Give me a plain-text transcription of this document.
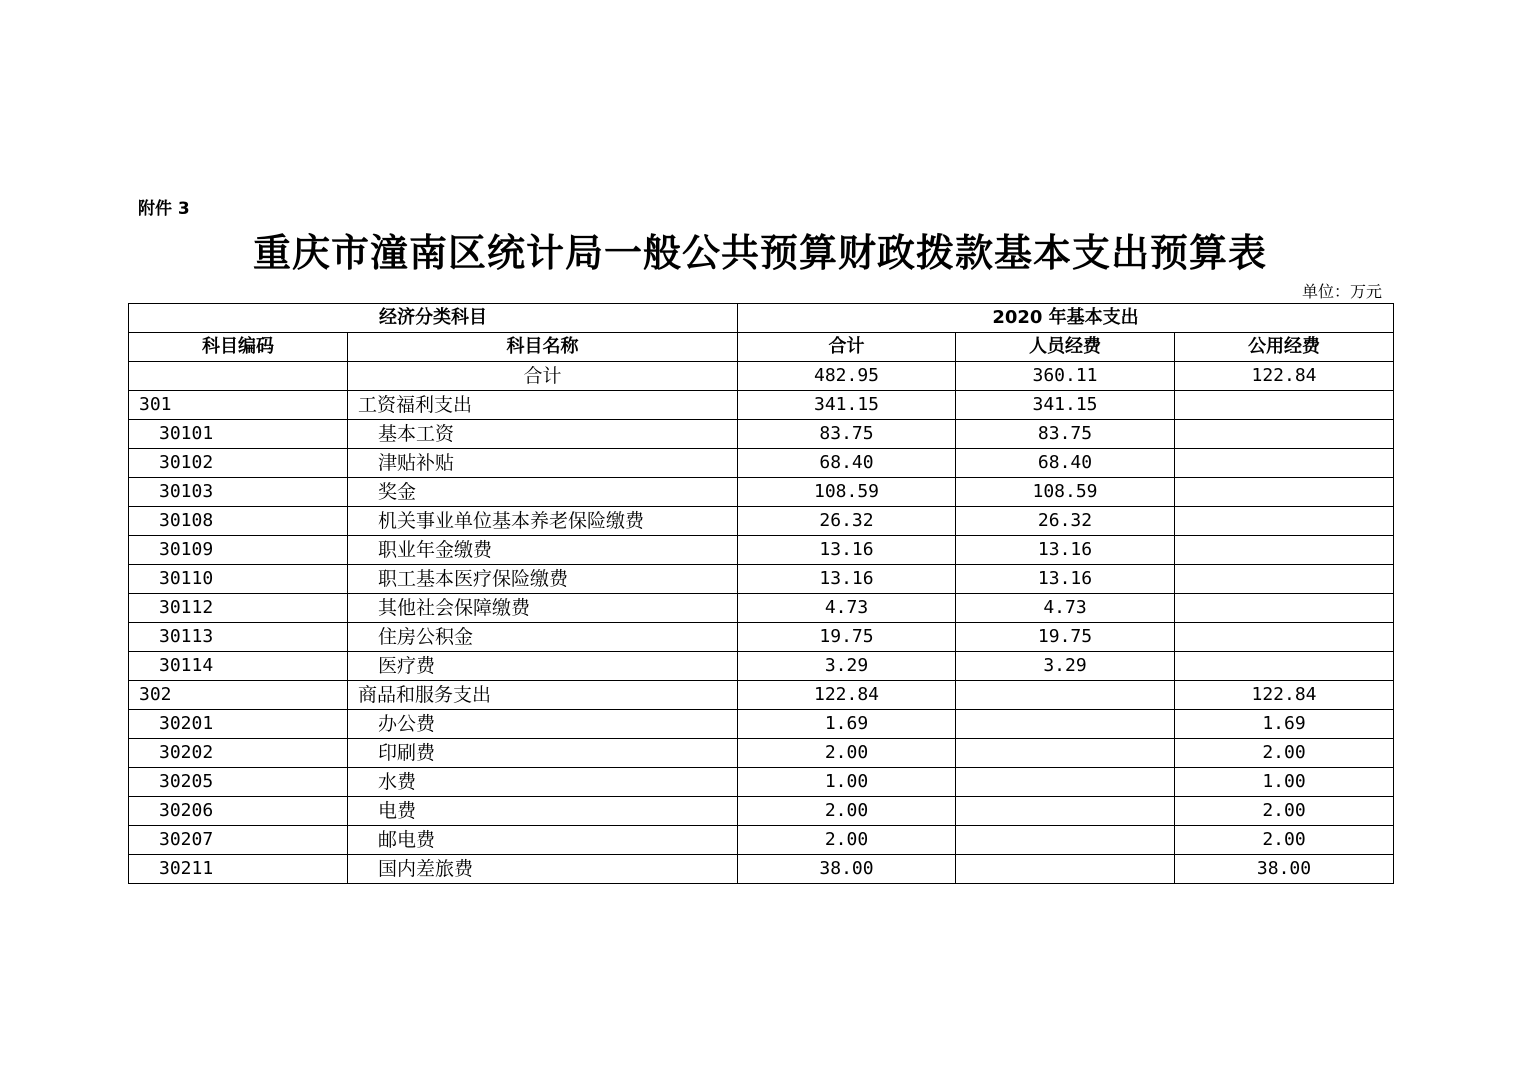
附件 3
重庆市潼南区统计局一般公共预算财政拨款基本支出预算表
单位：万元
经济分类科目		2020 年基本支出		
科目编码	科目名称	合计	人员经费	公用经费
	合计	482.95	360.11	122.84
301	工资福利支出	341.15	341.15	
30101	基本工资	83.75	83.75	
30102	津贴补贴	68.40	68.40	
30103	奖金	108.59	108.59	
30108	机关事业单位基本养老保险缴费	26.32	26.32	
30109	职业年金缴费	13.16	13.16	
30110	职工基本医疗保险缴费	13.16	13.16	
30112	其他社会保障缴费	4.73	4.73	
30113	住房公积金	19.75	19.75	
30114	医疗费	3.29	3.29	
302	商品和服务支出	122.84		122.84
30201	办公费	1.69		1.69
30202	印刷费	2.00		2.00
30205	水费	1.00		1.00
30206	电费	2.00		2.00
30207	邮电费	2.00		2.00
30211	国内差旅费	38.00		38.00
